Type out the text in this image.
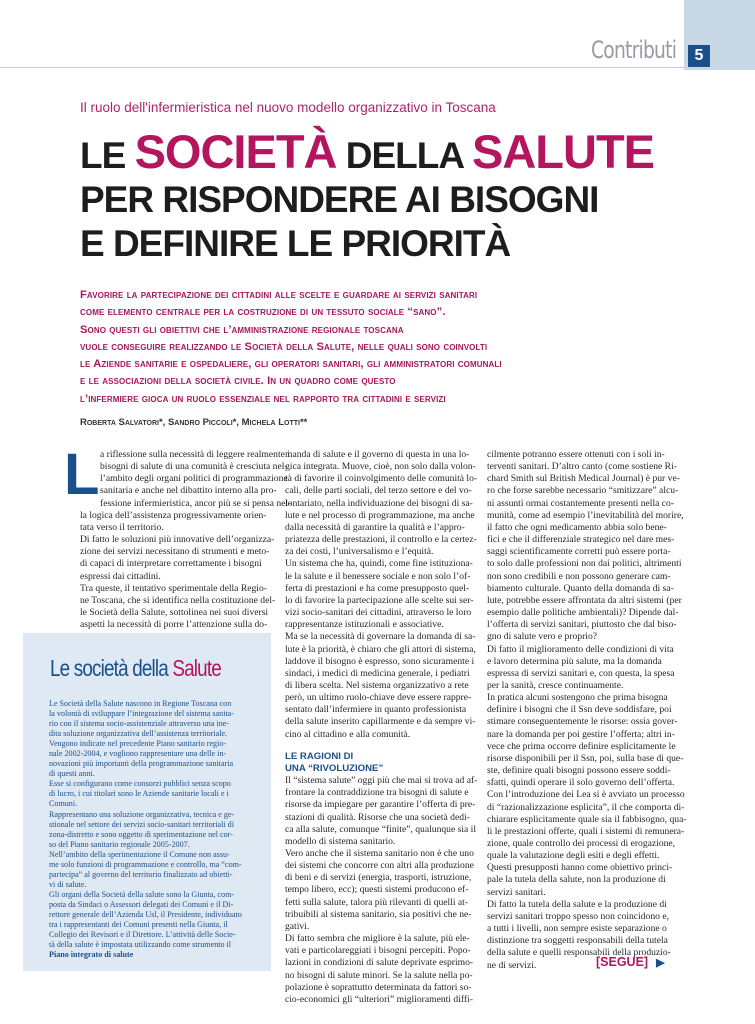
Contributi	5
Il ruolo dell'infermieristica nel nuovo modello organizzativo in Toscana
LE SOCIETÀ DELLA SALUTE
PER RISPONDERE AI BISOGNI
E DEFINIRE LE PRIORITÀ
Favorire la partecipazione dei cittadini alle scelte e guardare ai servizi sanitari
come elemento centrale per la costruzione di un tessuto sociale “sano”.
Sono questi gli obiettivi che l’amministrazione regionale toscana
vuole conseguire realizzando le Società della Salute, nelle quali sono coinvolti
le Aziende sanitarie e ospedaliere, gli operatori sanitari, gli amministratori comunali
e le associazioni della società civile. In un quadro come questo
l’infermiere gioca un ruolo essenziale nel rapporto tra cittadini e servizi
Roberta Salvatori*, Sandro Piccoli*, Michela Lotti**
L a riflessione sulla necessità di leggere realmente i

bisogni di salute di una comunità è cresciuta nel-

l’ambito degli organi politici di programmazione

sanitaria e anche nel dibattito interno alla pro-

fessione infermieristica, ancor più se si pensa nel-

la logica dell’assistenza progressivamente orien-

tata verso il territorio.

Di fatto le soluzioni più innovative dell’organizza-

zione dei servizi necessitano di strumenti e meto-

di capaci di interpretare correttamente i bisogni

espressi dai cittadini.

Tra queste, il tentativo sperimentale della Regio-

ne Toscana, che si identifica nella costituzione del-

le Società della Salute, sottolinea nei suoi diversi

aspetti la necessità di porre l’attenzione sulla do-

Le società della Salute

Le Società della Salute nascono in Regione Toscana con

la volontà di sviluppare l’integrazione del sistema sanita-

rio con il sistema socio-assistenziale attraverso una ine-

dita soluzione organizzativa dell’assistenza territoriale.

Vengono indicate nel precedente Piano sanitario regio-

nale 2002-2004, e vogliono rappresentare una delle in-

novazioni più importanti della programmazione sanitaria

di questi anni.

Esse si configurano come consorzi pubblici senza scopo

di lucro, i cui titolari sono le Aziende sanitarie locali e i

Comuni.

Rappresentano una soluzione organizzativa, tecnica e ge-

stionale nel settore dei servizi socio-sanitari territoriali di

zona-distretto e sono oggetto di sperimentazione nel cor-

so del Piano sanitario regionale 2005-2007.

Nell’ambito della sperimentazione il Comune non assu-

me solo funzioni di programmazione e controllo, ma “com-

partecipa” al governo del territorio finalizzato ad obietti-

vi di salute.

Gli organi della Società della salute sono la Giunta, com-

posta da Sindaci o Assessori delegati dei Comuni e il Di-

rettore generale dell’Azienda Usl, il Presidente, individuato

tra i rappresentanti dei Comuni presenti nella Giunta, il

Collegio dei Revisori e il Direttore. L’attività delle Socie-

tà della salute è impostata utilizzando come strumento il

Piano integrato di salute

manda di salute e il governo di questa in una lo-

gica integrata. Muove, cioè, non solo dalla volon-

tà di favorire il coinvolgimento delle comunità lo-

cali, delle parti sociali, del terzo settore e del vo-

lontariato, nella individuazione dei bisogni di sa-

lute e nel processo di programmazione, ma anche

dalla necessità di garantire la qualità e l’appro-

priatezza delle prestazioni, il controllo e la certez-

za dei costi, l’universalismo e l’equità.

Un sistema che ha, quindi, come fine istituziona-

le la salute e il benessere sociale e non solo l’of-

ferta di prestazioni e ha come presupposto quel-

lo di favorire la partecipazione alle scelte sui ser-

vizi socio-sanitari dei cittadini, attraverso le loro

rappresentanze istituzionali e associative.

Ma se la necessità di governare la domanda di sa-

lute è la priorità, è chiaro che gli attori di sistema,

laddove il bisogno è espresso, sono sicuramente i

sindaci, i medici di medicina generale, i pediatri

di libera scelta. Nel sistema organizzativo a rete

però, un ultimo ruolo-chiave deve essere rappre-

sentato dall’infermiere in quanto professionista

della salute inserito capillarmente e da sempre vi-

cino al cittadino e alla comunità.

LE RAGIONI DI

UNA “RIVOLUZIONE”

Il “sistema salute” oggi più che mai si trova ad af-

frontare la contraddizione tra bisogni di salute e

risorse da impiegare per garantire l’offerta di pre-

stazioni di qualità. Risorse che una società dedi-

ca alla salute, comunque “finite”, qualunque sia il

modello di sistema sanitario.

Vero anche che il sistema sanitario non è che uno

dei sistemi che concorre con altri alla produzione

di beni e di servizi (energia, trasporti, istruzione,

tempo libero, ecc); questi sistemi producono ef-

fetti sulla salute, talora più rilevanti di quelli at-

tribuibili al sistema sanitario, sia positivi che ne-

gativi.

Di fatto sembra che migliore è la salute, più ele-

vati e particolareggiati i bisogni percepiti. Popo-

lazioni in condizioni di salute deprivate esprimo-

no bisogni di salute minori. Se la salute nella po-

polazione è soprattutto determinata da fattori so-

cio-economici gli “ulteriori” miglioramenti diffi-

cilmente potranno essere ottenuti con i soli in-

terventi sanitari. D’altro canto (come sostiene Ri-

chard Smith sul British Medical Journal) è pur ve-

ro che forse sarebbe necessario “smitizzare” alcu-

ni assunti ormai costantemente presenti nella co-

munità, come ad esempio l’inevitabilità del morire,

il fatto che ogni medicamento abbia solo bene-

fici e che il differenziale strategico nel dare mes-

saggi scientificamente corretti può essere porta-

to solo dalle professioni non dai politici, altrimenti

non sono credibili e non possono generare cam-

biamento culturale. Quanto della domanda di sa-

lute, potrebbe essere affrontata da altri sistemi (per

esempio dalle politiche ambientali)? Dipende dal-

l’offerta di servizi sanitari, piuttosto che dal biso-

gno di salute vero e proprio?

Di fatto il miglioramento delle condizioni di vita

e lavoro determina più salute, ma la domanda

espressa di servizi sanitari e, con questa, la spesa

per la sanità, cresce continuamente.

In pratica alcuni sostengono che prima bisogna

definire i bisogni che il Ssn deve soddisfare, poi

stimare conseguentemente le risorse: ossia gover-

nare la domanda per poi gestire l’offerta; altri in-

vece che prima occorre definire esplicitamente le

risorse disponibili per il Ssn, poi, sulla base di que-

ste, definire quali bisogni possono essere soddi-

sfatti, quindi operare il solo governo dell’offerta.

Con l’introduzione dei Lea si è avviato un processo

di “razionalizzazione esplicita”, il che comporta di-

chiarare esplicitamente quale sia il fabbisogno, qua-

li le prestazioni offerte, quali i sistemi di remunera-

zione, quale controllo dei processi di erogazione,

quale la valutazione degli esiti e degli effetti.

Questi presupposti hanno come obiettivo princi-

pale la tutela della salute, non la produzione di

servizi sanitari.

Di fatto la tutela della salute e la produzione di

servizi sanitari troppo spesso non coincidono e,

a tutti i livelli, non sempre esiste separazione o

distinzione tra soggetti responsabili della tutela

della salute e quelli responsabili della produzio-

ne di servizi.	[SEGUE] ▶
